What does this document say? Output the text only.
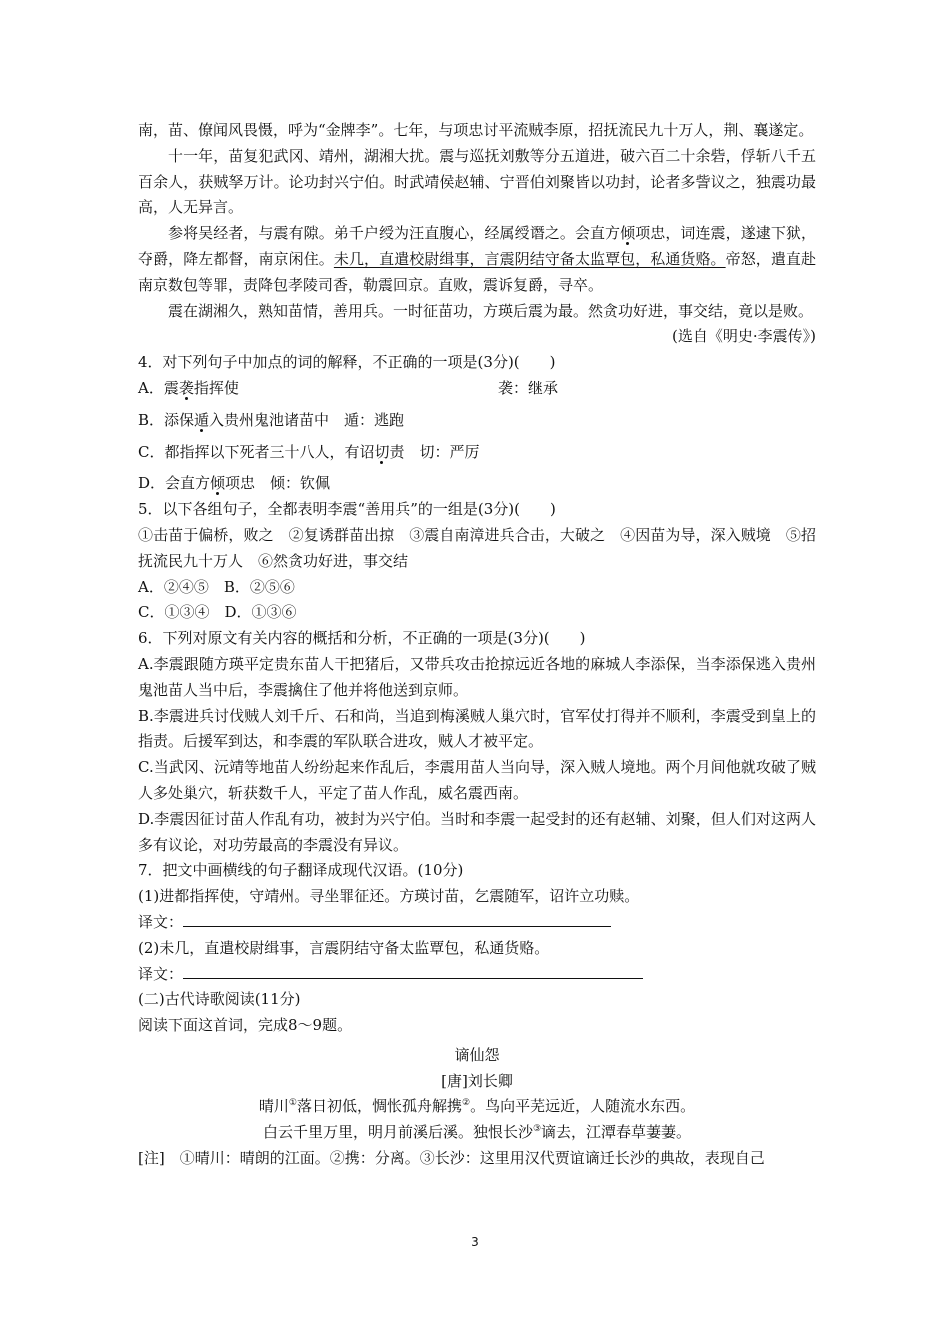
南，苗、僚闻风畏慑，呼为“金牌李”。七年，与项忠讨平流贼李原，招抚流民九十万人，荆、襄遂定。

十一年，苗复犯武冈、靖州，湖湘大扰。震与巡抚刘敷等分五道进，破六百二十余砦，俘斩八千五百余人，获贼孥万计。论功封兴宁伯。时武靖侯赵辅、宁晋伯刘聚皆以功封，论者多訾议之，独震功最高，人无异言。

参将吴经者，与震有隙。弟千户绶为汪直腹心，经属绶谮之。会直方倾项忠，词连震，遂逮下狱，夺爵，降左都督，南京闲住。未几，直遣校尉缉事，言震阴结守备太监覃包，私通货赂。帝怒，遣直赴南京数包等罪，责降包孝陵司香，勒震回京。直败，震诉复爵，寻卒。

震在湖湘久，熟知苗情，善用兵。一时征苗功，方瑛后震为最。然贪功好进，事交结，竟以是败。

(选自《明史·李震传》)

4．对下列句子中加点的词的解释，不正确的一项是(3分)(　　)

A．震袭指挥使	袭：继承

B．添保遁入贵州鬼池诸苗中　遁：逃跑

C．都指挥以下死者三十八人，有诏切责　切：严厉

D．会直方倾项忠　倾：钦佩

5．以下各组句子，全都表明李震“善用兵”的一组是(3分)(　　)

①击苗于偏桥，败之　②复诱群苗出掠　③震自南漳进兵合击，大破之　④因苗为导，深入贼境　⑤招抚流民九十万人　⑥然贪功好进，事交结

A．②④⑤　B．②⑤⑥

C．①③④　D．①③⑥

6．下列对原文有关内容的概括和分析，不正确的一项是(3分)(　　)

A.李震跟随方瑛平定贵东苗人干把猪后，又带兵攻击抢掠远近各地的麻城人李添保，当李添保逃入贵州鬼池苗人当中后，李震擒住了他并将他送到京师。

B.李震进兵讨伐贼人刘千斤、石和尚，当追到梅溪贼人巢穴时，官军仗打得并不顺利，李震受到皇上的指责。后援军到达，和李震的军队联合进攻，贼人才被平定。

C.当武冈、沅靖等地苗人纷纷起来作乱后，李震用苗人当向导，深入贼人境地。两个月间他就攻破了贼人多处巢穴，斩获数千人，平定了苗人作乱，威名震西南。

D.李震因征讨苗人作乱有功，被封为兴宁伯。当时和李震一起受封的还有赵辅、刘聚，但人们对这两人多有议论，对功劳最高的李震没有异议。

7．把文中画横线的句子翻译成现代汉语。(10分)

(1)进都指挥使，守靖州。寻坐罪征还。方瑛讨苗，乞震随军，诏许立功赎。

译文：

(2)未几，直遣校尉缉事，言震阴结守备太监覃包，私通货赂。

译文：

(二)古代诗歌阅读(11分)

阅读下面这首词，完成8～9题。

谪仙怨

[唐]刘长卿

晴川①落日初低，惆怅孤舟解携②。鸟向平芜远近，人随流水东西。

白云千里万里，明月前溪后溪。独恨长沙③谪去，江潭春草萋萋。

[注]　①晴川：晴朗的江面。②携：分离。③长沙：这里用汉代贾谊谪迁长沙的典故，表现自己

3
